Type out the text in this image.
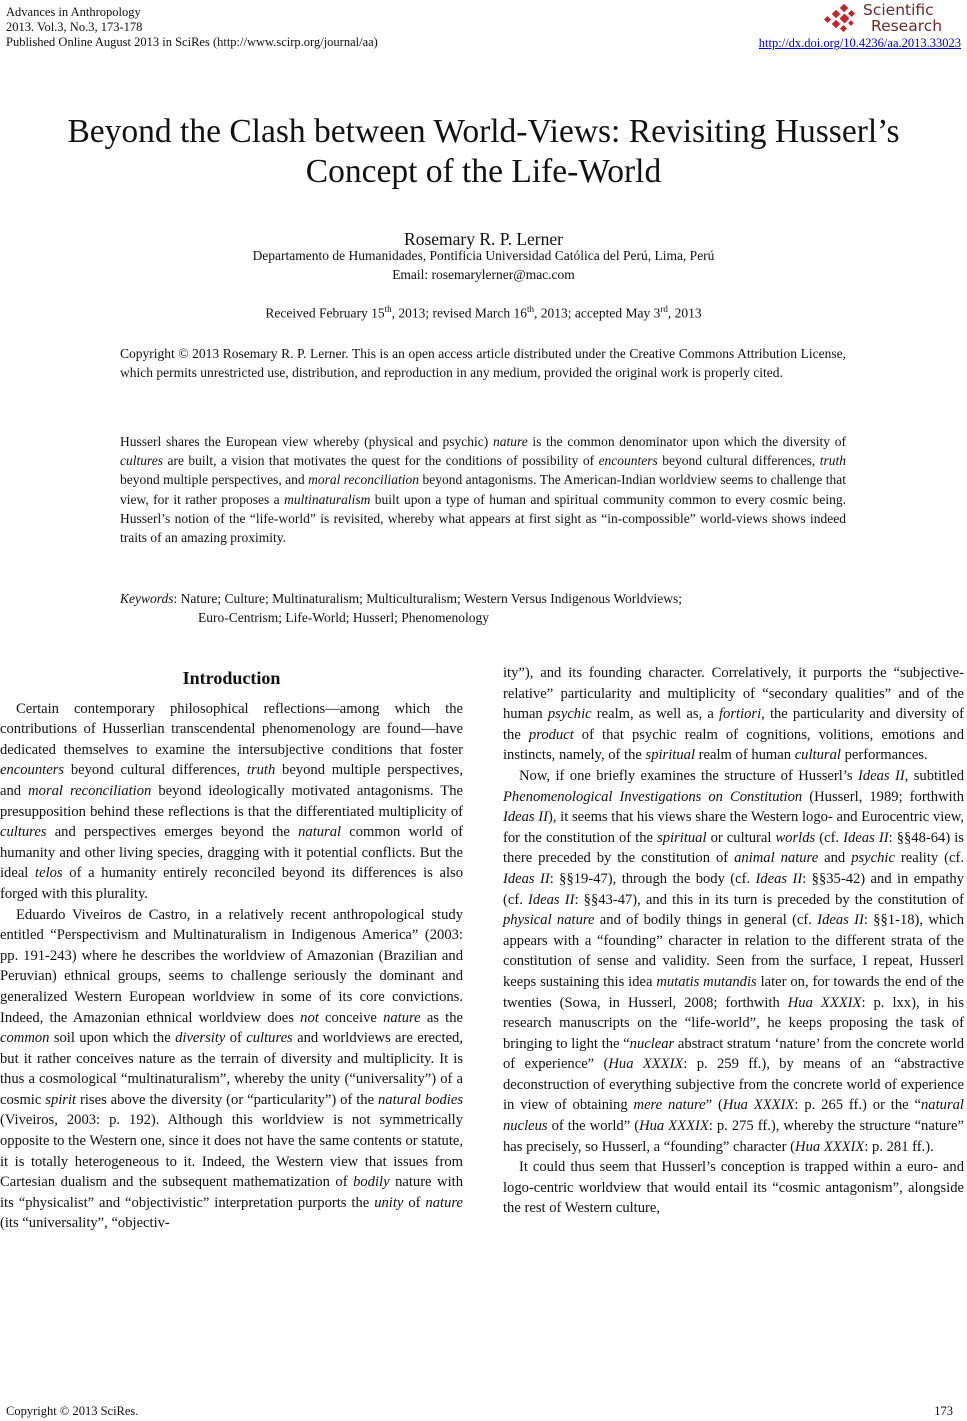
Advances in Anthropology
2013. Vol.3, No.3, 173-178
Published Online August 2013 in SciRes (http://www.scirp.org/journal/aa)
Scientific
Research
http://dx.doi.org/10.4236/aa.2013.33023
Beyond the Clash between World-Views: Revisiting Husserl’s
Concept of the Life-World
Rosemary R. P. Lerner
Departamento de Humanidades, Pontificia Universidad Católica del Perú, Lima, Perú
Email: rosemarylerner@mac.com
Received February 15th, 2013; revised March 16th, 2013; accepted May 3rd, 2013
Copyright © 2013 Rosemary R. P. Lerner. This is an open access article distributed under the Creative Commons Attribution License, which permits unrestricted use, distribution, and reproduction in any medium, provided the original work is properly cited.
Husserl shares the European view whereby (physical and psychic) nature is the common denominator upon which the diversity of cultures are built, a vision that motivates the quest for the conditions of possibility of encounters beyond cultural differences, truth beyond multiple perspectives, and moral reconciliation beyond antagonisms. The American-Indian worldview seems to challenge that view, for it rather proposes a multinaturalism built upon a type of human and spiritual community common to every cosmic being. Husserl’s notion of the “life-world” is revisited, whereby what appears at first sight as “in-compossible” world-views shows indeed traits of an amazing proximity.
Keywords: Nature; Culture; Multinaturalism; Multiculturalism; Western Versus Indigenous Worldviews;
Euro-Centrism; Life-World; Husserl; Phenomenology
Introduction

Certain contemporary philosophical reflections—among which the contributions of Husserlian transcendental phenomenology are found—have dedicated themselves to examine the intersubjective conditions that foster encounters beyond cultural differences, truth beyond multiple perspectives, and moral reconciliation beyond ideologically motivated antagonisms. The presupposition behind these reflections is that the differentiated multiplicity of cultures and perspectives emerges beyond the natural common world of humanity and other living species, dragging with it potential conflicts. But the ideal telos of a humanity entirely reconciled beyond its differences is also forged with this plurality.

Eduardo Viveiros de Castro, in a relatively recent anthropological study entitled “Perspectivism and Multinaturalism in Indigenous America” (2003: pp. 191-243) where he describes the worldview of Amazonian (Brazilian and Peruvian) ethnical groups, seems to challenge seriously the dominant and generalized Western European worldview in some of its core convictions. Indeed, the Amazonian ethnical worldview does not conceive nature as the common soil upon which the diversity of cultures and worldviews are erected, but it rather conceives nature as the terrain of diversity and multiplicity. It is thus a cosmological “multinaturalism”, whereby the unity (“universality”) of a cosmic spirit rises above the diversity (or “particularity”) of the natural bodies (Viveiros, 2003: p. 192). Although this worldview is not symmetrically opposite to the Western one, since it does not have the same contents or statute, it is totally heterogeneous to it. Indeed, the Western view that issues from Cartesian dualism and the subsequent mathematization of bodily nature with its “physicalist” and “objectivistic” interpretation purports the unity of nature (its “universality”, “objectiv-

ity”), and its founding character. Correlatively, it purports the “subjective-relative” particularity and multiplicity of “secondary qualities” and of the human psychic realm, as well as, a fortiori, the particularity and diversity of the product of that psychic realm of cognitions, volitions, emotions and instincts, namely, of the spiritual realm of human cultural performances.

Now, if one briefly examines the structure of Husserl’s Ideas II, subtitled Phenomenological Investigations on Constitution (Husserl, 1989; forthwith Ideas II), it seems that his views share the Western logo- and Eurocentric view, for the constitution of the spiritual or cultural worlds (cf. Ideas II: §§48-64) is there preceded by the constitution of animal nature and psychic reality (cf. Ideas II: §§19-47), through the body (cf. Ideas II: §§35-42) and in empathy (cf. Ideas II: §§43-47), and this in its turn is preceded by the constitution of physical nature and of bodily things in general (cf. Ideas II: §§1-18), which appears with a “founding” character in relation to the different strata of the constitution of sense and validity. Seen from the surface, I repeat, Husserl keeps sustaining this idea mutatis mutandis later on, for towards the end of the twenties (Sowa, in Husserl, 2008; forthwith Hua XXXIX: p. lxx), in his research manuscripts on the “life-world”, he keeps proposing the task of bringing to light the “nuclear abstract stratum ‘nature’ from the concrete world of experience” (Hua XXXIX: p. 259 ff.), by means of an “abstractive deconstruction of everything subjective from the concrete world of experience in view of obtaining mere nature” (Hua XXXIX: p. 265 ff.) or the “natural nucleus of the world” (Hua XXXIX: p. 275 ff.), whereby the structure “nature” has precisely, so Husserl, a “founding” character (Hua XXXIX: p. 281 ff.).

It could thus seem that Husserl’s conception is trapped within a euro- and logo-centric worldview that would entail its “cosmic antagonism”, alongside the rest of Western culture,

Copyright © 2013 SciRes.	173
